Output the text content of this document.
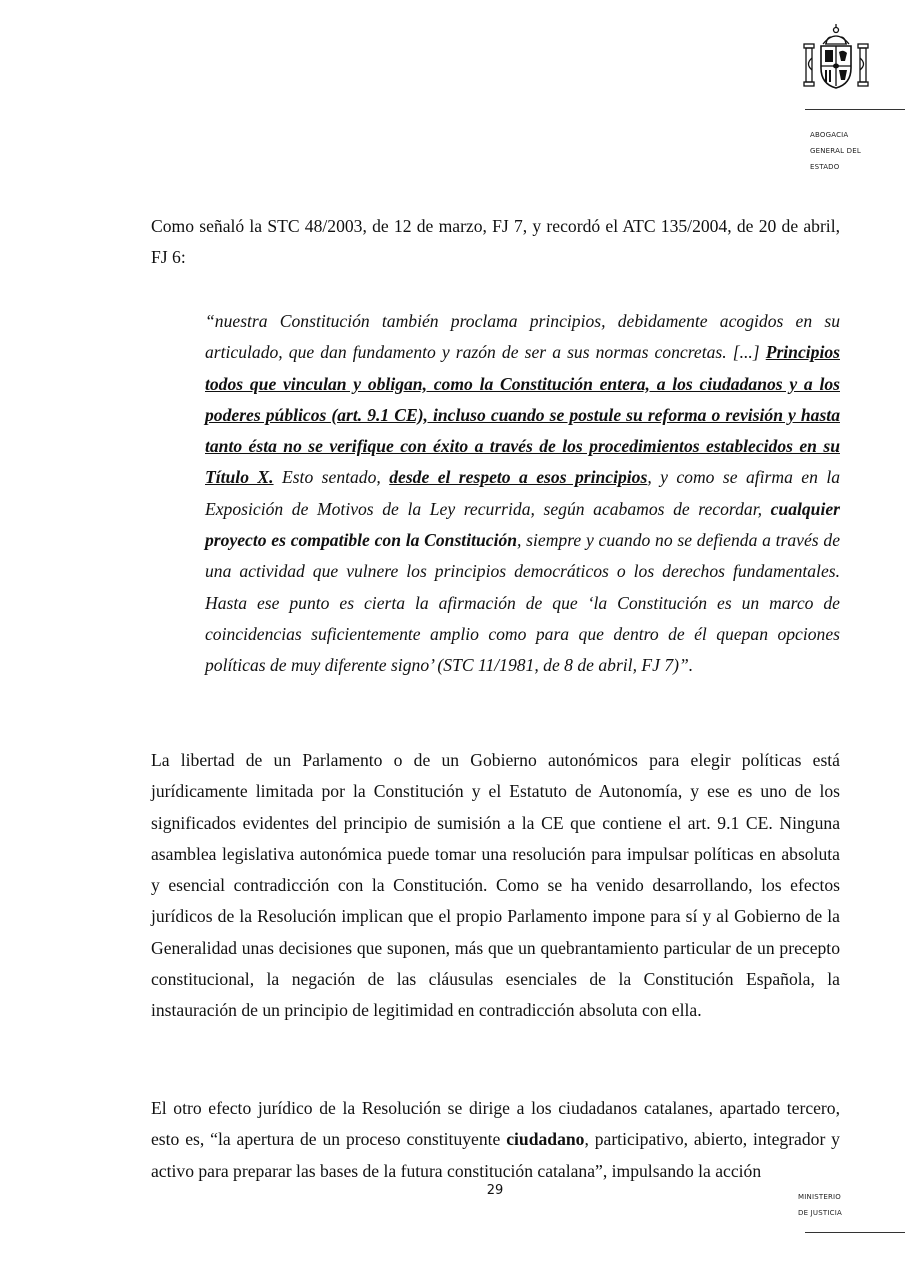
ABOGACIA
GENERAL DEL
ESTADO

Como señaló la STC 48/2003, de 12 de marzo, FJ 7, y recordó el ATC 135/2004, de 20 de abril, FJ 6:

“nuestra Constitución también proclama principios, debidamente acogidos en su articulado, que dan fundamento y razón de ser a sus normas concretas. [...] Principios todos que vinculan y obligan, como la Constitución entera, a los ciudadanos y a los poderes públicos (art. 9.1 CE), incluso cuando se postule su reforma o revisión y hasta tanto ésta no se verifique con éxito a través de los procedimientos establecidos en su Título X. Esto sentado, desde el respeto a esos principios, y como se afirma en la Exposición de Motivos de la Ley recurrida, según acabamos de recordar, cualquier proyecto es compatible con la Constitución, siempre y cuando no se defienda a través de una actividad que vulnere los principios democráticos o los derechos fundamentales. Hasta ese punto es cierta la afirmación de que ‘la Constitución es un marco de coincidencias suficientemente amplio como para que dentro de él quepan opciones políticas de muy diferente signo’ (STC 11/1981, de 8 de abril, FJ 7)”.

La libertad de un Parlamento o de un Gobierno autonómicos para elegir políticas está jurídicamente limitada por la Constitución y el Estatuto de Autonomía, y ese es uno de los significados evidentes del principio de sumisión a la CE que contiene el art. 9.1 CE. Ninguna asamblea legislativa autonómica puede tomar una resolución para impulsar políticas en absoluta y esencial contradicción con la Constitución. Como se ha venido desarrollando, los efectos jurídicos de la Resolución implican que el propio Parlamento impone para sí y al Gobierno de la Generalidad unas decisiones que suponen, más que un quebrantamiento particular de un precepto constitucional, la negación de las cláusulas esenciales de la Constitución Española, la instauración de un principio de legitimidad en contradicción absoluta con ella.

El otro efecto jurídico de la Resolución se dirige a los ciudadanos catalanes, apartado tercero, esto es, “la apertura de un proceso constituyente ciudadano, participativo, abierto, integrador y activo para preparar las bases de la futura constitución catalana”, impulsando la acción

29	MINISTERIO
DE JUSTICIA
